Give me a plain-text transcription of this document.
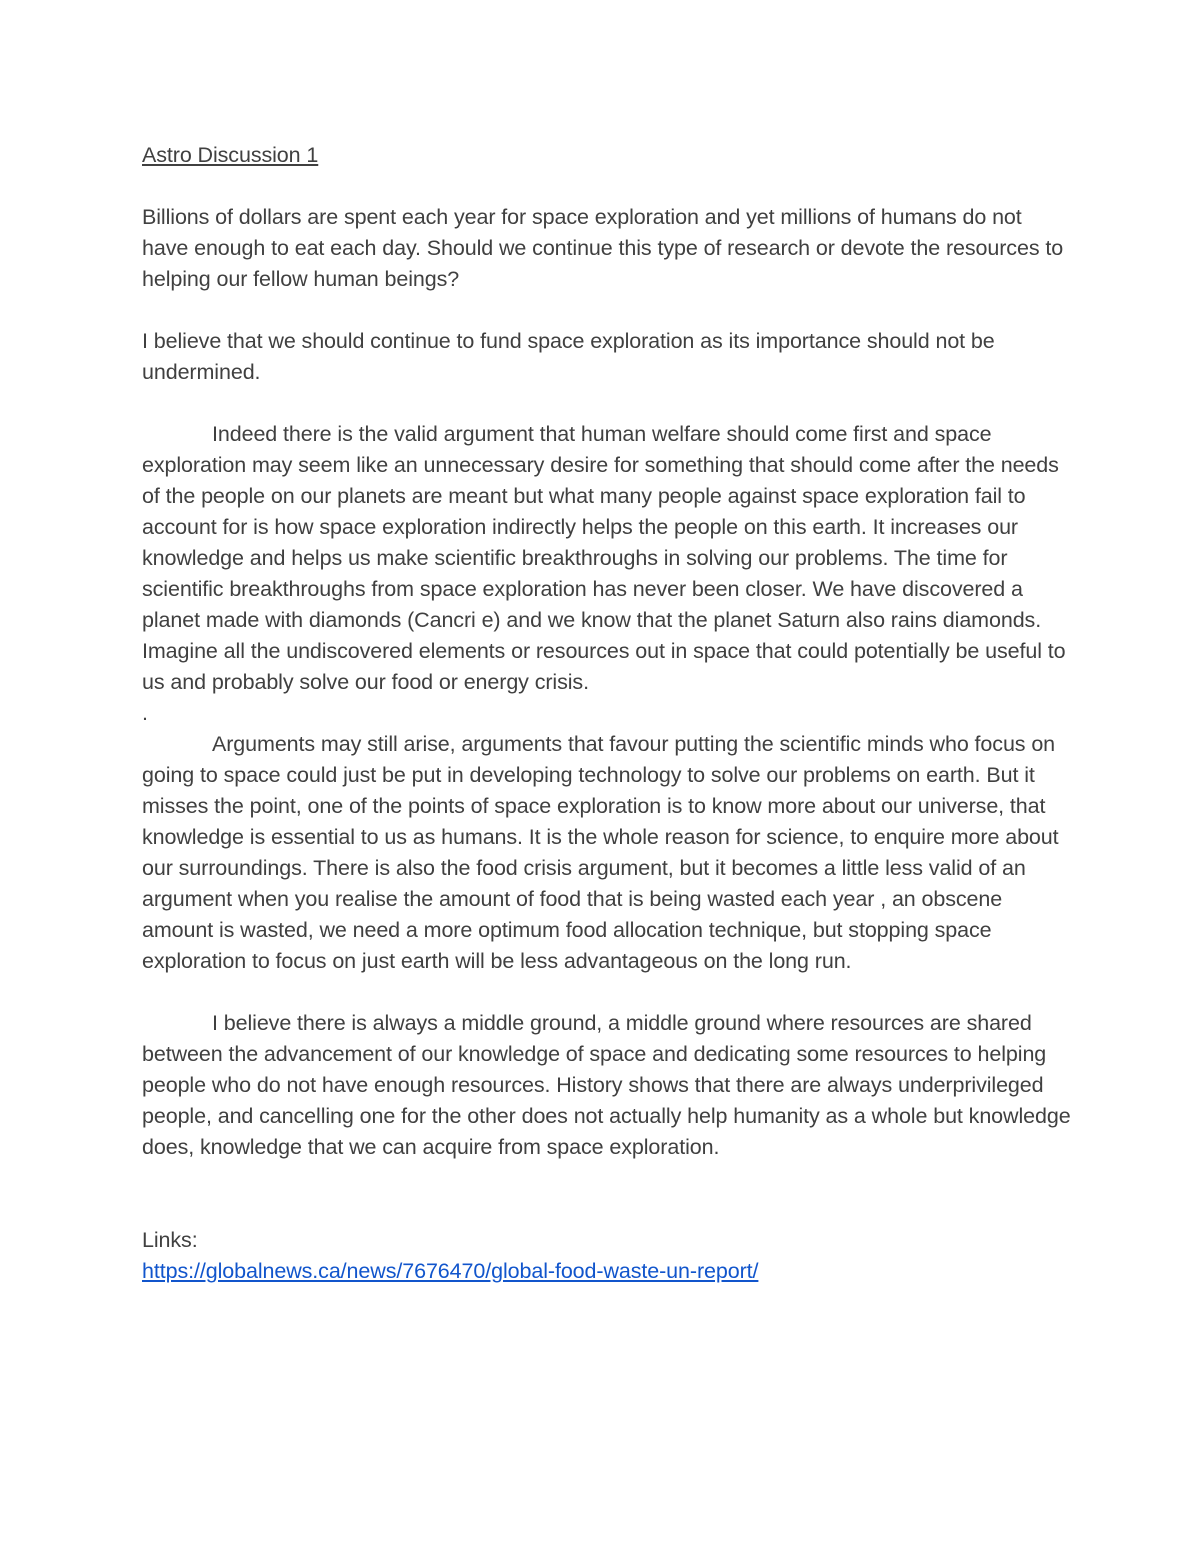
Astro Discussion 1

Billions of dollars are spent each year for space exploration and yet millions of humans do not have enough to eat each day. Should we continue this type of research or devote the resources to helping our fellow human beings?

I believe that we should continue to fund space exploration as its importance should not be undermined.

Indeed there is the valid argument that human welfare should come first and space exploration may seem like an unnecessary desire for something that should come after the needs of the people on our planets are meant but what many people against space exploration fail to account for is how space exploration indirectly helps the people on this earth. It increases our knowledge and helps us make scientific breakthroughs in solving our problems. The time for scientific breakthroughs from space exploration has never been closer. We have discovered a planet made with diamonds (Cancri e) and we know that the planet Saturn also rains diamonds. Imagine all the undiscovered elements or resources out in space that could potentially be useful to us and probably solve our food or energy crisis.

.

Arguments may still arise, arguments that favour putting the scientific minds who focus on going to space could just be put in developing technology to solve our problems on earth. But it misses the point, one of the points of space exploration is to know more about our universe, that knowledge is essential to us as humans. It is the whole reason for science, to enquire more about our surroundings. There is also the food crisis argument, but it becomes a little less valid of an argument when you realise the amount of food that is being wasted each year , an obscene amount is wasted, we need a more optimum food allocation technique, but stopping space exploration to focus on just earth will be less advantageous on the long run.

I believe there is always a middle ground, a middle ground where resources are shared between the advancement of our knowledge of space and dedicating some resources to helping people who do not have enough resources. History shows that there are always underprivileged people, and cancelling one for the other does not actually help humanity as a whole but knowledge does, knowledge that we can acquire from space exploration.

Links:

https://globalnews.ca/news/7676470/global-food-waste-un-report/
